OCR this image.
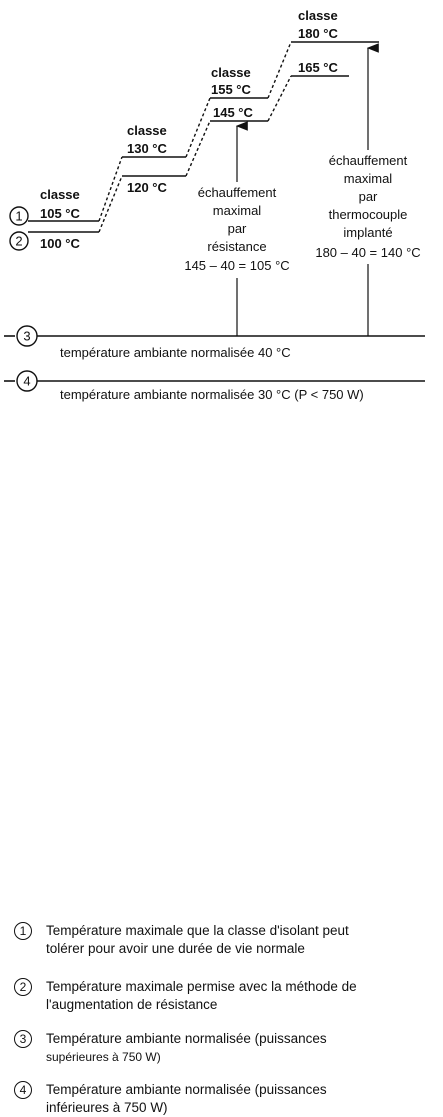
1
2
classe
105 °C
classe
130 °C
classe
155 °C
classe
180 °C
100 °C
120 °C
145 °C
165 °C
échauffement
maximal
par
résistance
145 – 40 = 105 °C
échauffement
maximal
par
thermocouple
implanté
180 – 40 = 140 °C
3
température ambiante normalisée 40 °C
4
température ambiante normalisée 30 °C (P < 750 W)
1	Température maximale que la classe d'isolant peut
tolérer pour avoir une durée de vie normale
2	Température maximale permise avec la méthode de
l'augmentation de résistance
3	Température ambiante normalisée (puissances
supérieures à 750 W)
4	Température ambiante normalisée (puissances
inférieures à 750 W)
